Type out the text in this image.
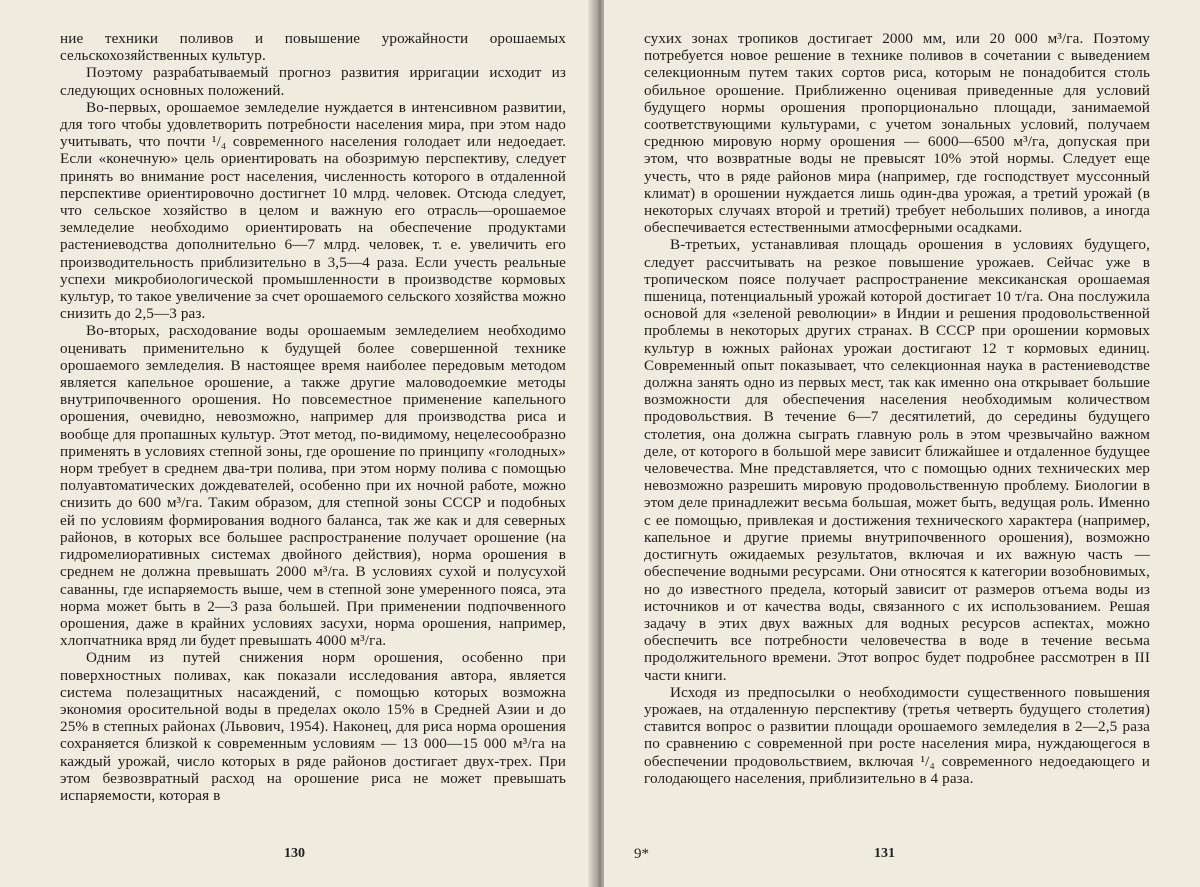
ние техники поливов и повышение урожайности орошаемых сельскохозяйственных культур.

Поэтому разрабатываемый прогноз развития ирригации исходит из следующих основных положений.

Во-первых, орошаемое земледелие нуждается в интенсивном развитии, для того чтобы удовлетворить потребности населения мира, при этом надо учитывать, что почти ¹/₄ современного населения голодает или недоедает. Если «конечную» цель ориентировать на обозримую перспективу, следует принять во внимание рост населения, численность которого в отдаленной перспективе ориентировочно достигнет 10 млрд. человек. Отсюда следует, что сельское хозяйство в целом и важную его отрасль—орошаемое земледелие необходимо ориентировать на обеспечение продуктами растениеводства дополнительно 6—7 млрд. человек, т. е. увеличить его производительность приблизительно в 3,5—4 раза. Если учесть реальные успехи микробиологической промышленности в производстве кормовых культур, то такое увеличение за счет орошаемого сельского хозяйства можно снизить до 2,5—3 раз.

Во-вторых, расходование воды орошаемым земледелием необходимо оценивать применительно к будущей более совершенной технике орошаемого земледелия. В настоящее время наиболее передовым методом является капельное орошение, а также другие маловодоемкие методы внутрипочвенного орошения. Но повсеместное применение капельного орошения, очевидно, невозможно, например для производства риса и вообще для пропашных культур. Этот метод, по-видимому, нецелесообразно применять в условиях степной зоны, где орошение по принципу «голодных» норм требует в среднем два-три полива, при этом норму полива с помощью полуавтоматических дождевателей, особенно при их ночной работе, можно снизить до 600 м³/га. Таким образом, для степной зоны СССР и подобных ей по условиям формирования водного баланса, так же как и для северных районов, в которых все большее распространение получает орошение (на гидромелиоративных системах двойного действия), норма орошения в среднем не должна превышать 2000 м³/га. В условиях сухой и полусухой саванны, где испаряемость выше, чем в степной зоне умеренного пояса, эта норма может быть в 2—3 раза большей. При применении подпочвенного орошения, даже в крайних условиях засухи, норма орошения, например, хлопчатника вряд ли будет превышать 4000 м³/га.

Одним из путей снижения норм орошения, особенно при поверхностных поливах, как показали исследования автора, является система полезащитных насаждений, с помощью которых возможна экономия оросительной воды в пределах около 15% в Средней Азии и до 25% в степных районах (Львович, 1954). Наконец, для риса норма орошения сохраняется близкой к современным условиям — 13 000—15 000 м³/га на каждый урожай, число которых в ряде районов достигает двух-трех. При этом безвозвратный расход на орошение риса не может превышать испаряемости, которая в

130

сухих зонах тропиков достигает 2000 мм, или 20 000 м³/га. Поэтому потребуется новое решение в технике поливов в сочетании с выведением селекционным путем таких сортов риса, которым не понадобится столь обильное орошение. Приближенно оценивая приведенные для условий будущего нормы орошения пропорционально площади, занимаемой соответствующими культурами, с учетом зональных условий, получаем среднюю мировую норму орошения — 6000—6500 м³/га, допуская при этом, что возвратные воды не превысят 10% этой нормы. Следует еще учесть, что в ряде районов мира (например, где господствует муссонный климат) в орошении нуждается лишь один-два урожая, а третий урожай (в некоторых случаях второй и третий) требует небольших поливов, а иногда обеспечивается естественными атмосферными осадками.

В-третьих, устанавливая площадь орошения в условиях будущего, следует рассчитывать на резкое повышение урожаев. Сейчас уже в тропическом поясе получает распространение мексиканская орошаемая пшеница, потенциальный урожай которой достигает 10 т/га. Она послужила основой для «зеленой революции» в Индии и решения продовольственной проблемы в некоторых других странах. В СССР при орошении кормовых культур в южных районах урожаи достигают 12 т кормовых единиц. Современный опыт показывает, что селекционная наука в растениеводстве должна занять одно из первых мест, так как именно она открывает большие возможности для обеспечения населения необходимым количеством продовольствия. В течение 6—7 десятилетий, до середины будущего столетия, она должна сыграть главную роль в этом чрезвычайно важном деле, от которого в большой мере зависит ближайшее и отдаленное будущее человечества. Мне представляется, что с помощью одних технических мер невозможно разрешить мировую продовольственную проблему. Биологии в этом деле принадлежит весьма большая, может быть, ведущая роль. Именно с ее помощью, привлекая и достижения технического характера (например, капельное и другие приемы внутрипочвенного орошения), возможно достигнуть ожидаемых результатов, включая и их важную часть — обеспечение водными ресурсами. Они относятся к категории возобновимых, но до известного предела, который зависит от размеров отъема воды из источников и от качества воды, связанного с их использованием. Решая задачу в этих двух важных для водных ресурсов аспектах, можно обеспечить все потребности человечества в воде в течение весьма продолжительного времени. Этот вопрос будет подробнее рассмотрен в III части книги.

Исходя из предпосылки о необходимости существенного повышения урожаев, на отдаленную перспективу (третья четверть будущего столетия) ставится вопрос о развитии площади орошаемого земледелия в 2—2,5 раза по сравнению с современной при росте населения мира, нуждающегося в обеспечении продовольствием, включая ¹/₄ современного недоедающего и голодающего населения, приблизительно в 4 раза.

9*	131
